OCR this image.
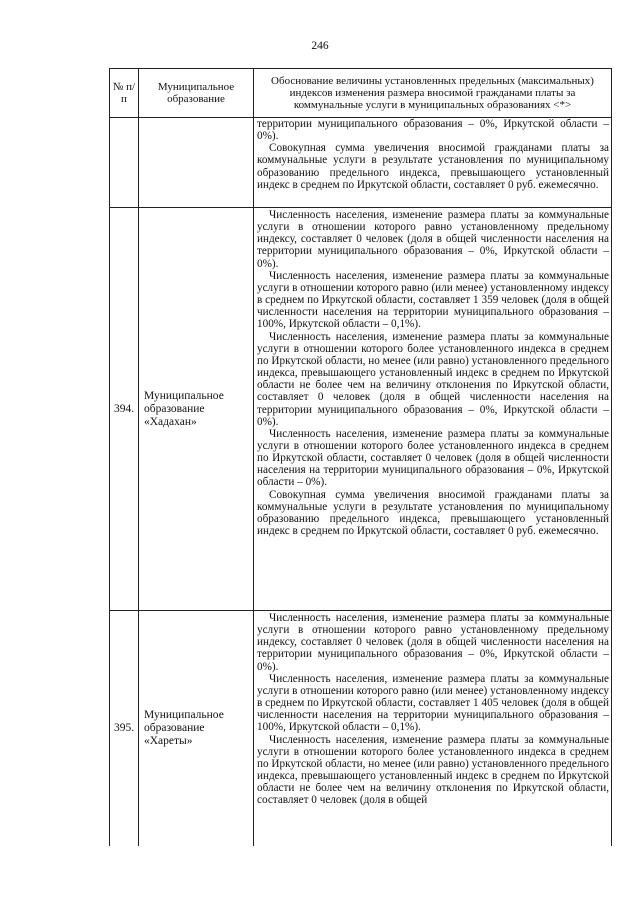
246
№ п/п	Муниципальное образование	Обоснование величины установленных предельных (максимальных) индексов изменения размера вносимой гражданами платы за коммунальные услуги в муниципальных образованиях <*>

		территории муниципального образования – 0%, Иркутской области – 0%).

Совокупная сумма увеличения вносимой гражданами платы за коммунальные услуги в результате установления по муниципальному образованию предельного индекса, превышающего установленный индекс в среднем по Иркутской области, составляет 0 руб. ежемесячно.

394.	Муниципальное образование «Хадахан»	Численность населения, изменение размера платы за коммунальные услуги в отношении которого равно установленному предельному индексу, составляет 0 человек (доля в общей численности населения на территории муниципального образования – 0%, Иркутской области – 0%).

Численность населения, изменение размера платы за коммунальные услуги в отношении которого равно (или менее) установленному индексу в среднем по Иркутской области, составляет 1 359 человек (доля в общей численности населения на территории муниципального образования – 100%, Иркутской области – 0,1%).

Численность населения, изменение размера платы за коммунальные услуги в отношении которого более установленного индекса в среднем по Иркутской области, но менее (или равно) установленного предельного индекса, превышающего установленный индекс в среднем по Иркутской области не более чем на величину отклонения по Иркутской области, составляет 0 человек (доля в общей численности населения на территории муниципального образования – 0%, Иркутской области – 0%).

Численность населения, изменение размера платы за коммунальные услуги в отношении которого более установленного индекса в среднем по Иркутской области, составляет 0 человек (доля в общей численности населения на территории муниципального образования – 0%, Иркутской области – 0%).

Совокупная сумма увеличения вносимой гражданами платы за коммунальные услуги в результате установления по муниципальному образованию предельного индекса, превышающего установленный индекс в среднем по Иркутской области, составляет 0 руб. ежемесячно.

395.	Муниципальное образование «Хареты»	Численность населения, изменение размера платы за коммунальные услуги в отношении которого равно установленному предельному индексу, составляет 0 человек (доля в общей численности населения на территории муниципального образования – 0%, Иркутской области – 0%).

Численность населения, изменение размера платы за коммунальные услуги в отношении которого равно (или менее) установленному индексу в среднем по Иркутской области, составляет 1 405 человек (доля в общей численности населения на территории муниципального образования – 100%, Иркутской области – 0,1%).

Численность населения, изменение размера платы за коммунальные услуги в отношении которого более установленного индекса в среднем по Иркутской области, но менее (или равно) установленного предельного индекса, превышающего установленный индекс в среднем по Иркутской области не более чем на величину отклонения по Иркутской области, составляет 0 человек (доля в общей
